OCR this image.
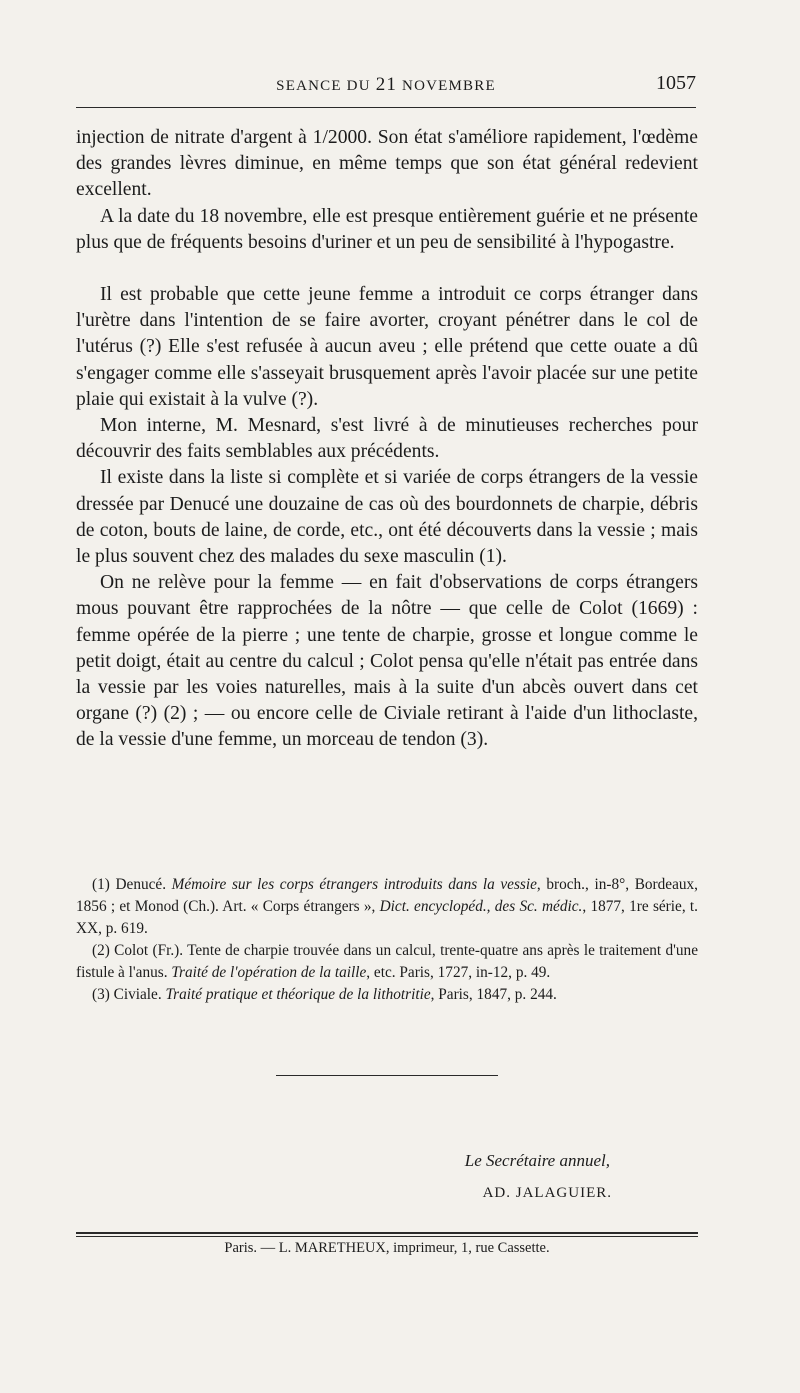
SEANCE DU 21 NOVEMBRE	1057

injection de nitrate d'argent à 1/2000. Son état s'améliore rapidement, l'œdème des grandes lèvres diminue, en même temps que son état général redevient excellent.

A la date du 18 novembre, elle est presque entièrement guérie et ne présente plus que de fréquents besoins d'uriner et un peu de sensibilité à l'hypogastre.

Il est probable que cette jeune femme a introduit ce corps étranger dans l'urètre dans l'intention de se faire avorter, croyant pénétrer dans le col de l'utérus (?) Elle s'est refusée à aucun aveu ; elle prétend que cette ouate a dû s'engager comme elle s'asseyait brusquement après l'avoir placée sur une petite plaie qui existait à la vulve (?).

Mon interne, M. Mesnard, s'est livré à de minutieuses recherches pour découvrir des faits semblables aux précédents.

Il existe dans la liste si complète et si variée de corps étrangers de la vessie dressée par Denucé une douzaine de cas où des bourdonnets de charpie, débris de coton, bouts de laine, de corde, etc., ont été découverts dans la vessie ; mais le plus souvent chez des malades du sexe masculin (1).

On ne relève pour la femme — en fait d'observations de corps étrangers mous pouvant être rapprochées de la nôtre — que celle de Colot (1669) : femme opérée de la pierre ; une tente de charpie, grosse et longue comme le petit doigt, était au centre du calcul ; Colot pensa qu'elle n'était pas entrée dans la vessie par les voies naturelles, mais à la suite d'un abcès ouvert dans cet organe (?) (2) ; — ou encore celle de Civiale retirant à l'aide d'un lithoclaste, de la vessie d'une femme, un morceau de tendon (3).

(1) Denucé. Mémoire sur les corps étrangers introduits dans la vessie, broch., in-8°, Bordeaux, 1856 ; et Monod (Ch.). Art. « Corps étrangers », Dict. encyclopéd., des Sc. médic., 1877, 1re série, t. XX, p. 619.

(2) Colot (Fr.). Tente de charpie trouvée dans un calcul, trente-quatre ans après le traitement d'une fistule à l'anus. Traité de l'opération de la taille, etc. Paris, 1727, in-12, p. 49.

(3) Civiale. Traité pratique et théorique de la lithotritie, Paris, 1847, p. 244.

Le Secrétaire annuel,
AD. JALAGUIER.
Paris. — L. MARETHEUX, imprimeur, 1, rue Cassette.
